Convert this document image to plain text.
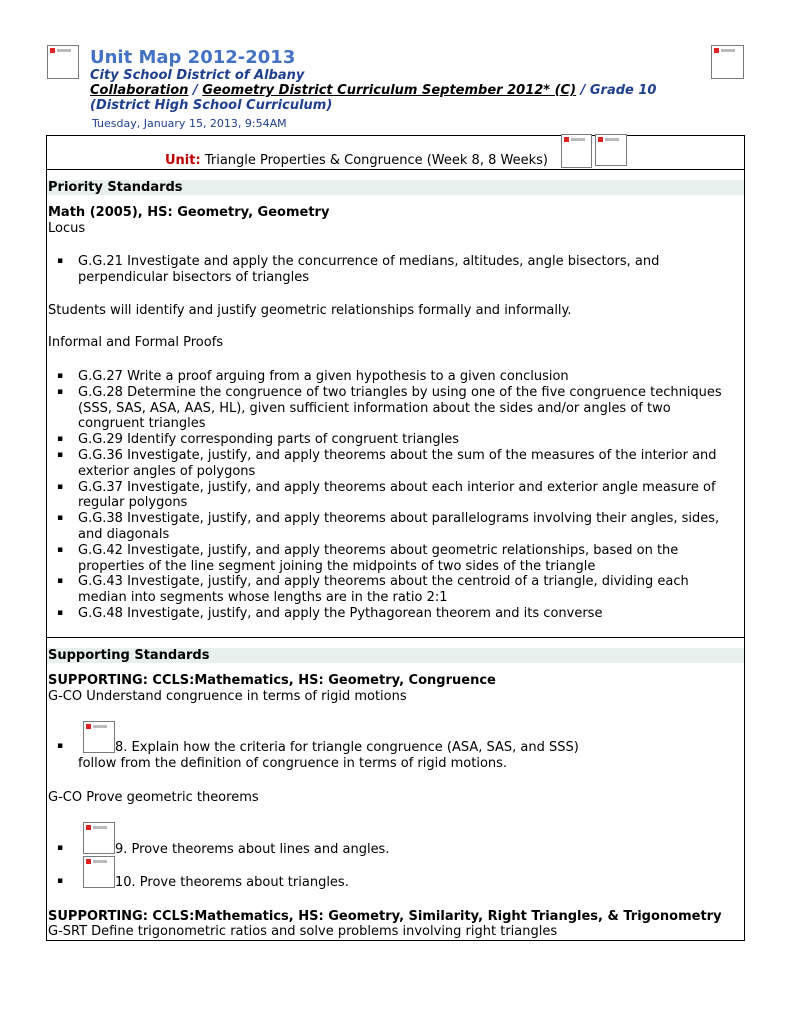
Unit Map 2012-2013
City School District of Albany
Collaboration / Geometry District Curriculum September 2012* (C) / Grade 10
(District High School Curriculum)
Tuesday, January 15, 2013, 9:54AM
Unit: Triangle Properties & Congruence (Week 8, 8 Weeks)
Priority Standards
Math (2005), HS: Geometry, Geometry
Locus
▪ G.G.21 Investigate and apply the concurrence of medians, altitudes, angle bisectors, and perpendicular bisectors of triangles
Students will identify and justify geometric relationships formally and informally.
Informal and Formal Proofs
▪ G.G.27 Write a proof arguing from a given hypothesis to a given conclusion
▪ G.G.28 Determine the congruence of two triangles by using one of the five congruence techniques (SSS, SAS, ASA, AAS, HL), given sufficient information about the sides and/or angles of two congruent triangles
▪ G.G.29 Identify corresponding parts of congruent triangles
▪ G.G.36 Investigate, justify, and apply theorems about the sum of the measures of the interior and exterior angles of polygons
▪ G.G.37 Investigate, justify, and apply theorems about each interior and exterior angle measure of regular polygons
▪ G.G.38 Investigate, justify, and apply theorems about parallelograms involving their angles, sides, and diagonals
▪ G.G.42 Investigate, justify, and apply theorems about geometric relationships, based on the properties of the line segment joining the midpoints of two sides of the triangle
▪ G.G.43 Investigate, justify, and apply theorems about the centroid of a triangle, dividing each median into segments whose lengths are in the ratio 2:1
▪ G.G.48 Investigate, justify, and apply the Pythagorean theorem and its converse
Supporting Standards
SUPPORTING: CCLS:Mathematics, HS: Geometry, Congruence
G-CO Understand congruence in terms of rigid motions
▪	8. Explain how the criteria for triangle congruence (ASA, SAS, and SSS)
follow from the definition of congruence in terms of rigid motions.
G-CO Prove geometric theorems
▪	9. Prove theorems about lines and angles.
▪	10. Prove theorems about triangles.
SUPPORTING: CCLS:Mathematics, HS: Geometry, Similarity, Right Triangles, & Trigonometry
G-SRT Define trigonometric ratios and solve problems involving right triangles
